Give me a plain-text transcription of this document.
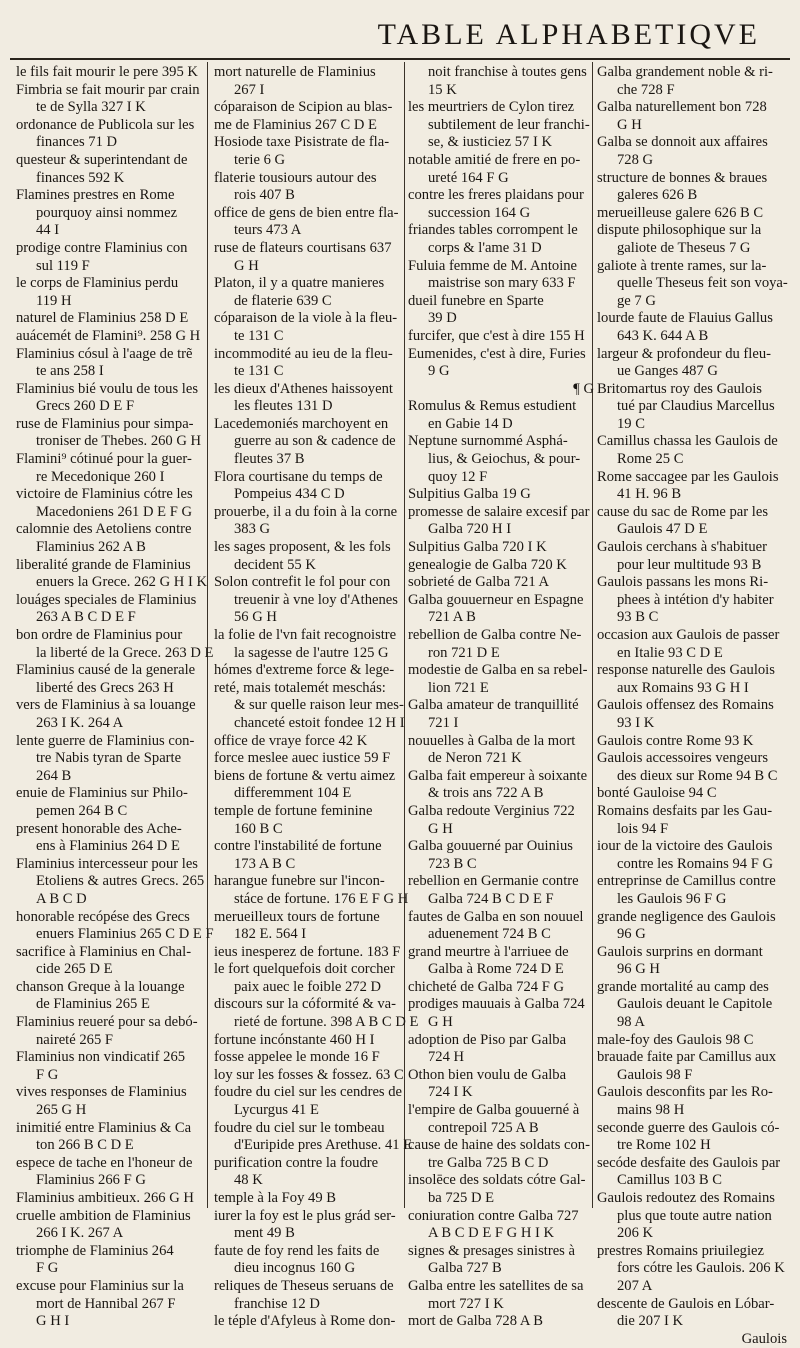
TABLE ALPHABETIQVE
le fils fait mourir le pere 395 K
Fimbria se fait mourir par crain
te de Sylla 327 I K
ordonance de Publicola sur les
finances 71 D
questeur & superintendant de
finances 592 K
Flamines prestres en Rome
pourquoy ainsi nommez
44 I
prodige contre Flaminius con
sul 119 F
le corps de Flaminius perdu
119 H
naturel de Flaminius 258 D E
auácemét de Flamini⁹. 258 G H
Flaminius cósul à l'aage de trẽ
te ans 258 I
Flaminius bié voulu de tous les
Grecs 260 D E F
ruse de Flaminius pour simpa-
troniser de Thebes. 260 G H
Flamini⁹ cótinué pour la guer-
re Mecedonique 260 I
victoire de Flaminius cótre les
Macedoniens 261 D E F G
calomnie des Aetoliens contre
Flaminius 262 A B
liberalité grande de Flaminius
enuers la Grece. 262 G H I K
louáges speciales de Flaminius
263 A B C D E F
bon ordre de Flaminius pour
la liberté de la Grece. 263 D E
Flaminius causé de la generale
liberté des Grecs 263 H
vers de Flaminius à sa louange
263 I K. 264 A
lente guerre de Flaminius con-
tre Nabis tyran de Sparte
264 B
enuie de Flaminius sur Philo-
pemen 264 B C
present honorable des Ache-
ens à Flaminius 264 D E
Flaminius intercesseur pour les
Etoliens & autres Grecs. 265
A B C D
honorable recópése des Grecs
enuers Flaminius 265 C D E F
sacrifice à Flaminius en Chal-
cide 265 D E
chanson Greque à la louange
de Flaminius 265 E
Flaminius reueré pour sa debó-
naireté 265 F
Flaminius non vindicatif 265
F G
vives responses de Flaminius
265 G H
inimitié entre Flaminius & Ca
ton 266 B C D E
espece de tache en l'honeur de
Flaminius 266 F G
Flaminius ambitieux. 266 G H
cruelle ambition de Flaminius
266 I K. 267 A
triomphe de Flaminius 264
F G
excuse pour Flaminius sur la
mort de Hannibal 267 F
G H I
mort naturelle de Flaminius
267 I
cóparaison de Scipion au blas-
me de Flaminius 267 C D E
Hosiode taxe Pisistrate de fla-
terie 6 G
flaterie tousiours autour des
rois 407 B
office de gens de bien entre fla-
teurs 473 A
ruse de flateurs courtisans 637
G H
Platon, il y a quatre manieres
de flaterie 639 C
cóparaison de la viole à la fleu-
te 131 C
incommodité au ieu de la fleu-
te 131 C
les dieux d'Athenes haissoyent
les fleutes 131 D
Lacedemoniés marchoyent en
guerre au son & cadence de
fleutes 37 B
Flora courtisane du temps de
Pompeius 434 C D
prouerbe, il a du foin à la corne
383 G
les sages proposent, & les fols
decident 55 K
Solon contrefit le fol pour con
treuenir à vne loy d'Athenes
56 G H
la folie de l'vn fait recognoistre
la sagesse de l'autre 125 G
hómes d'extreme force & lege-
reté, mais totalemét meschás:
& sur quelle raison leur mes-
chanceté estoit fondee 12 H I
office de vraye force 42 K
force meslee auec iustice 59 F
biens de fortune & vertu aimez
differemment 104 E
temple de fortune feminine
160 B C
contre l'instabilité de fortune
173 A B C
harangue funebre sur l'incon-
stáce de fortune. 176 E F G H
merueilleux tours de fortune
182 E. 564 I
ieus inesperez de fortune. 183 F
le fort quelquefois doit corcher
paix auec le foible 272 D
discours sur la cóformité & va-
rieté de fortune. 398 A B C D E
fortune incónstante 460 H I
fosse appelee le monde 16 F
loy sur les fosses & fossez. 63 C
foudre du ciel sur les cendres de
Lycurgus 41 E
foudre du ciel sur le tombeau
d'Euripide pres Arethuse. 41 E
purification contre la foudre
48 K
temple à la Foy 49 B
iurer la foy est le plus grád ser-
ment 49 B
faute de foy rend les faits de
dieu incognus 160 G
reliques de Theseus seruans de
franchise 12 D
le téple d'Afyleus à Rome don-
noit franchise à toutes gens
15 K
les meurtriers de Cylon tirez
subtilement de leur franchi-
se, & iusticiez 57 I K
notable amitié de frere en po-
ureté 164 F G
contre les freres plaidans pour
succession 164 G
friandes tables corrompent le
corps & l'ame 31 D
Fuluia femme de M. Antoine
maistrise son mary 633 F
dueil funebre en Sparte
39 D
furcifer, que c'est à dire 155 H
Eumenides, c'est à dire, Furies
9 G
¶ G
Romulus & Remus estudient
en Gabie 14 D
Neptune surnommé Asphá-
lius, & Geiochus, & pour-
quoy 12 F
Sulpitius Galba 19 G
promesse de salaire excesif par
Galba 720 H I
Sulpitius Galba 720 I K
genealogie de Galba 720 K
sobrieté de Galba 721 A
Galba gouuerneur en Espagne
721 A B
rebellion de Galba contre Ne-
ron 721 D E
modestie de Galba en sa rebel-
lion 721 E
Galba amateur de tranquillité
721 I
nouuelles à Galba de la mort
de Neron 721 K
Galba fait empereur à soixante
& trois ans 722 A B
Galba redoute Verginius 722
G H
Galba gouuerné par Ouinius
723 B C
rebellion en Germanie contre
Galba 724 B C D E F
fautes de Galba en son nouuel
aduenement 724 B C
grand meurtre à l'arriuee de
Galba à Rome 724 D E
chicheté de Galba 724 F G
prodiges mauuais à Galba 724
G H
adoption de Piso par Galba
724 H
Othon bien voulu de Galba
724 I K
l'empire de Galba gouuerné à
contrepoil 725 A B
cause de haine des soldats con-
tre Galba 725 B C D
insolēce des soldats cótre Gal-
ba 725 D E
coniuration contre Galba 727
A B C D E F G H I K
signes & presages sinistres à
Galba 727 B
Galba entre les satellites de sa
mort 727 I K
mort de Galba 728 A B
Galba grandement noble & ri-
che 728 F
Galba naturellement bon 728
G H
Galba se donnoit aux affaires
728 G
structure de bonnes & braues
galeres 626 B
merueilleuse galere 626 B C
dispute philosophique sur la
galiote de Theseus 7 G
galiote à trente rames, sur la-
quelle Theseus feit son voya-
ge 7 G
lourde faute de Flauius Gallus
643 K. 644 A B
largeur & profondeur du fleu-
ue Ganges 487 G
Britomartus roy des Gaulois
tué par Claudius Marcellus
19 C
Camillus chassa les Gaulois de
Rome 25 C
Rome saccagee par les Gaulois
41 H. 96 B
cause du sac de Rome par les
Gaulois 47 D E
Gaulois cerchans à s'habituer
pour leur multitude 93 B
Gaulois passans les mons Ri-
phees à intétion d'y habiter
93 B C
occasion aux Gaulois de passer
en Italie 93 C D E
response naturelle des Gaulois
aux Romains 93 G H I
Gaulois offensez des Romains
93 I K
Gaulois contre Rome 93 K
Gaulois accessoires vengeurs
des dieux sur Rome 94 B C
bonté Gauloise 94 C
Romains desfaits par les Gau-
lois 94 F
iour de la victoire des Gaulois
contre les Romains 94 F G
entreprinse de Camillus contre
les Gaulois 96 F G
grande negligence des Gaulois
96 G
Gaulois surprins en dormant
96 G H
grande mortalité au camp des
Gaulois deuant le Capitole
98 A
male-foy des Gaulois 98 C
brauade faite par Camillus aux
Gaulois 98 F
Gaulois desconfits par les Ro-
mains 98 H
seconde guerre des Gaulois có-
tre Rome 102 H
secóde desfaite des Gaulois par
Camillus 103 B C
Gaulois redoutez des Romains
plus que toute autre nation
206 K
prestres Romains priuilegiez
fors cótre les Gaulois. 206 K
207 A
descente de Gaulois en Lóbar-
die 207 I K
Gaulois
